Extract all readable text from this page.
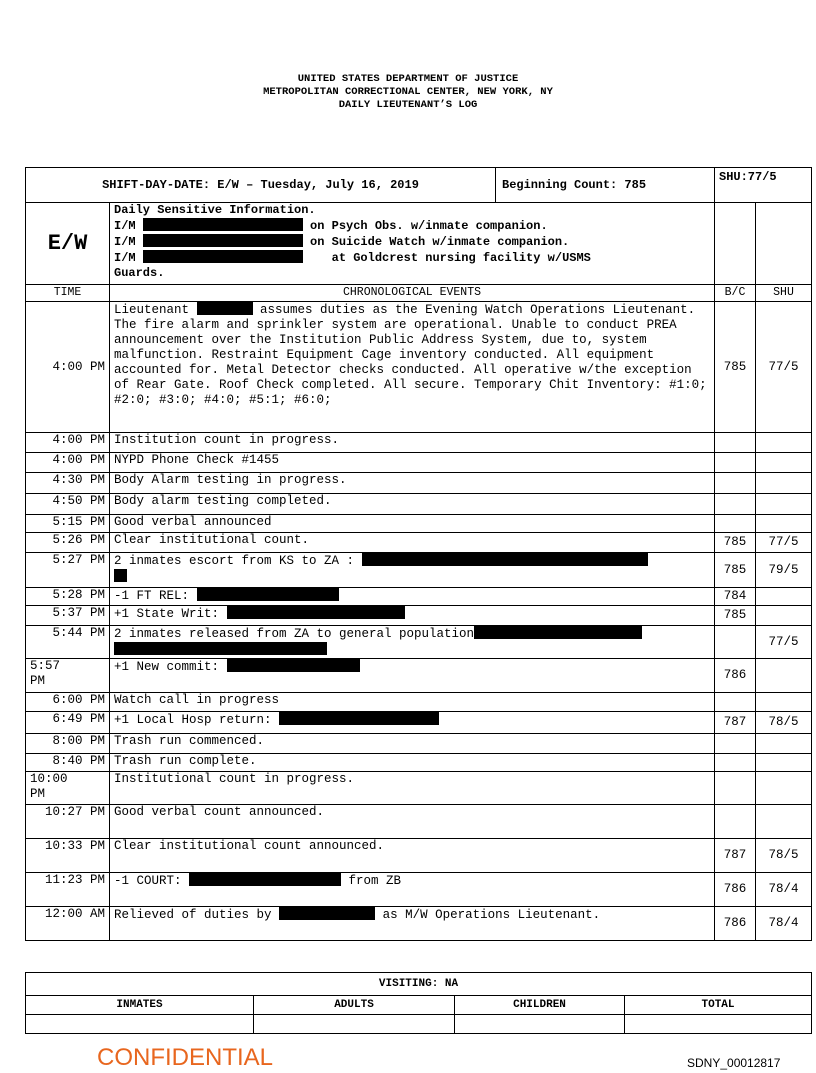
UNITED STATES DEPARTMENT OF JUSTICE
METROPOLITAN CORRECTIONAL CENTER, NEW YORK, NY
DAILY LIEUTENANT’S LOG
SHIFT-DAY-DATE: E/W – Tuesday, July 16, 2019 Beginning Count: 785		SHU:77/5	
E/W	Daily Sensitive Information.
I/M on Psych Obs. w/inmate companion.
I/M on Suicide Watch w/inmate companion.
I/M at Goldcrest nursing facility w/USMS
Guards.		

TIME	CHRONOLOGICAL EVENTS	B/C	SHU
4:00 PM	Lieutenant assumes duties as the Evening Watch Operations Lieutenant. The fire alarm and sprinkler system are operational. Unable to conduct PREA announcement over the Institution Public Address System, due to, system malfunction. Restraint Equipment Cage inventory conducted. All equipment accounted for. Metal Detector checks conducted. All operative w/the exception of Rear Gate. Roof Check completed. All secure. Temporary Chit Inventory: #1:0; #2:0; #3:0; #4:0; #5:1; #6:0;	785	77/5
4:00 PM	Institution count in progress.		
4:00 PM	NYPD Phone Check #1455		
4:30 PM	Body Alarm testing in progress.		
4:50 PM	Body alarm testing completed.		
5:15 PM	Good verbal announced		
5:26 PM	Clear institutional count.	785	77/5
5:27 PM	2 inmates escort from KS to ZA :	785	79/5
5:28 PM	-1 FT REL:	784	
5:37 PM	+1 State Writ:	785	
5:44 PM	2 inmates released from ZA to general population		77/5

5:57 PM	+1 New commit:	786	
6:00 PM	Watch call in progress		
6:49 PM	+1 Local Hosp return:	787	78/5
8:00 PM	Trash run commenced.		
8:40 PM	Trash run complete.		

10:00 PM	Institutional count in progress.		

10:27 PM	Good verbal count announced.		

10:33 PM	Clear institutional count announced.	787	78/5

11:23 PM	-1 COURT: from ZB	786	78/4

12:00 AM	Relieved of duties by as M/W Operations Lieutenant.	786	78/4
VISITING: NA			
INMATES	ADULTS	CHILDREN	TOTAL

CONFIDENTIAL	SDNY_00012817
